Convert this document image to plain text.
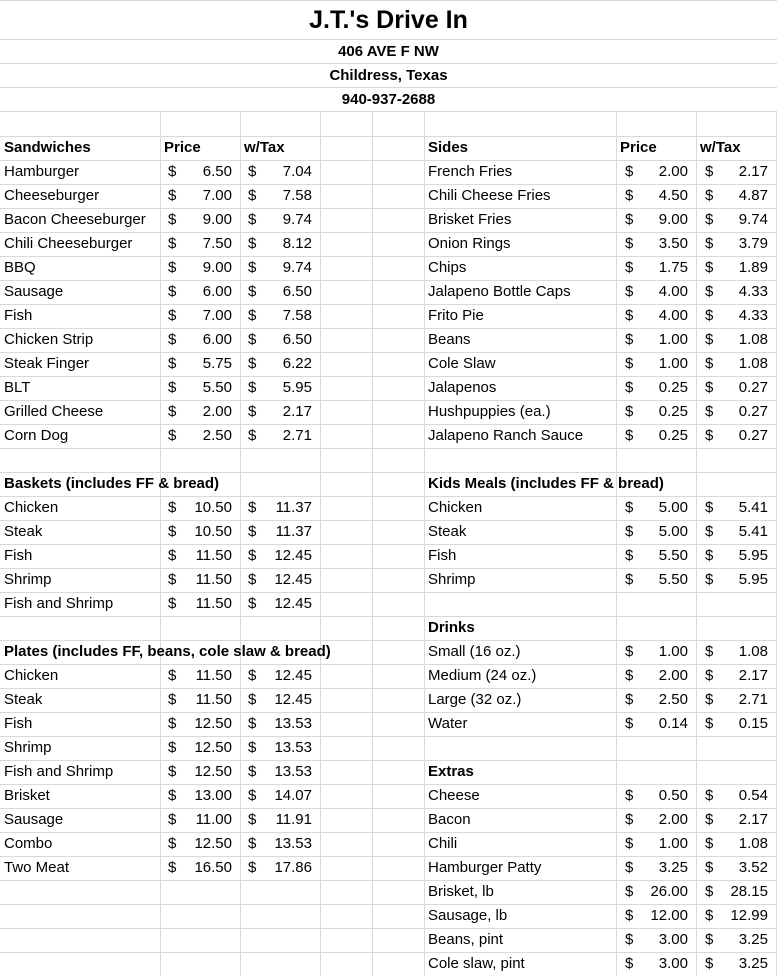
J.T.'s Drive In
406 AVE F NW
Childress, Texas
940-937-2688
Sandwiches	Price	w/Tax
Hamburger	$	6.50 $	7.04
Cheeseburger	$	7.00 $	7.58
Bacon Cheeseburger $	9.00 $	9.74
Chili Cheeseburger $	7.50 $	8.12
BBQ	$	9.00 $	9.74
Sausage	$	6.00 $	6.50
Fish	$	7.00 $	7.58
Chicken Strip	$	6.00 $	6.50
Steak Finger	$	5.75 $	6.22
BLT	$	5.50 $	5.95
Grilled Cheese	$	2.00 $	2.17
Corn Dog	$	2.50 $	2.71
Baskets (includes FF & bread)
Chicken	$	10.50 $	11.37
Steak	$	10.50 $	11.37
Fish	$	11.50 $	12.45
Shrimp	$	11.50 $	12.45
Fish and Shrimp	$	11.50 $	12.45
Plates (includes FF, beans, cole slaw & bread)
Chicken	$	11.50 $	12.45
Steak	$	11.50 $	12.45
Fish	$	12.50 $	13.53
Shrimp	$	12.50 $	13.53
Fish and Shrimp	$	12.50 $	13.53
Brisket	$	13.00 $	14.07
Sausage	$	11.00 $	11.91
Combo	$	12.50 $	13.53
Two Meat	$	16.50 $	17.86
Sides	Price	w/Tax
French Fries	$	2.00 $	2.17
Chili Cheese Fries	$	4.50 $	4.87
Brisket Fries	$	9.00 $	9.74
Onion Rings	$	3.50 $	3.79
Chips	$	1.75 $	1.89
Jalapeno Bottle Caps	$	4.00 $	4.33
Frito Pie	$	4.00 $	4.33
Beans	$	1.00 $	1.08
Cole Slaw	$	1.00 $	1.08
Jalapenos	$	0.25 $	0.27
Hushpuppies (ea.)	$	0.25 $	0.27
Jalapeno Ranch Sauce	$	0.25 $	0.27
Kids Meals (includes FF & bread)
Chicken	$	5.00 $	5.41
Steak	$	5.00 $	5.41
Fish	$	5.50 $	5.95
Shrimp	$	5.50 $	5.95
Drinks
Small (16 oz.)	$	1.00 $	1.08
Medium (24 oz.)	$	2.00 $	2.17
Large (32 oz.)	$	2.50 $	2.71
Water	$	0.14 $	0.15
Extras
Cheese	$	0.50 $	0.54
Bacon	$	2.00 $	2.17
Chili	$	1.00 $	1.08
Hamburger Patty	$	3.25 $	3.52
Brisket, lb	$	26.00 $	28.15
Sausage, lb	$	12.00 $	12.99
Beans, pint	$	3.00 $	3.25
Cole slaw, pint	$	3.00 $	3.25
